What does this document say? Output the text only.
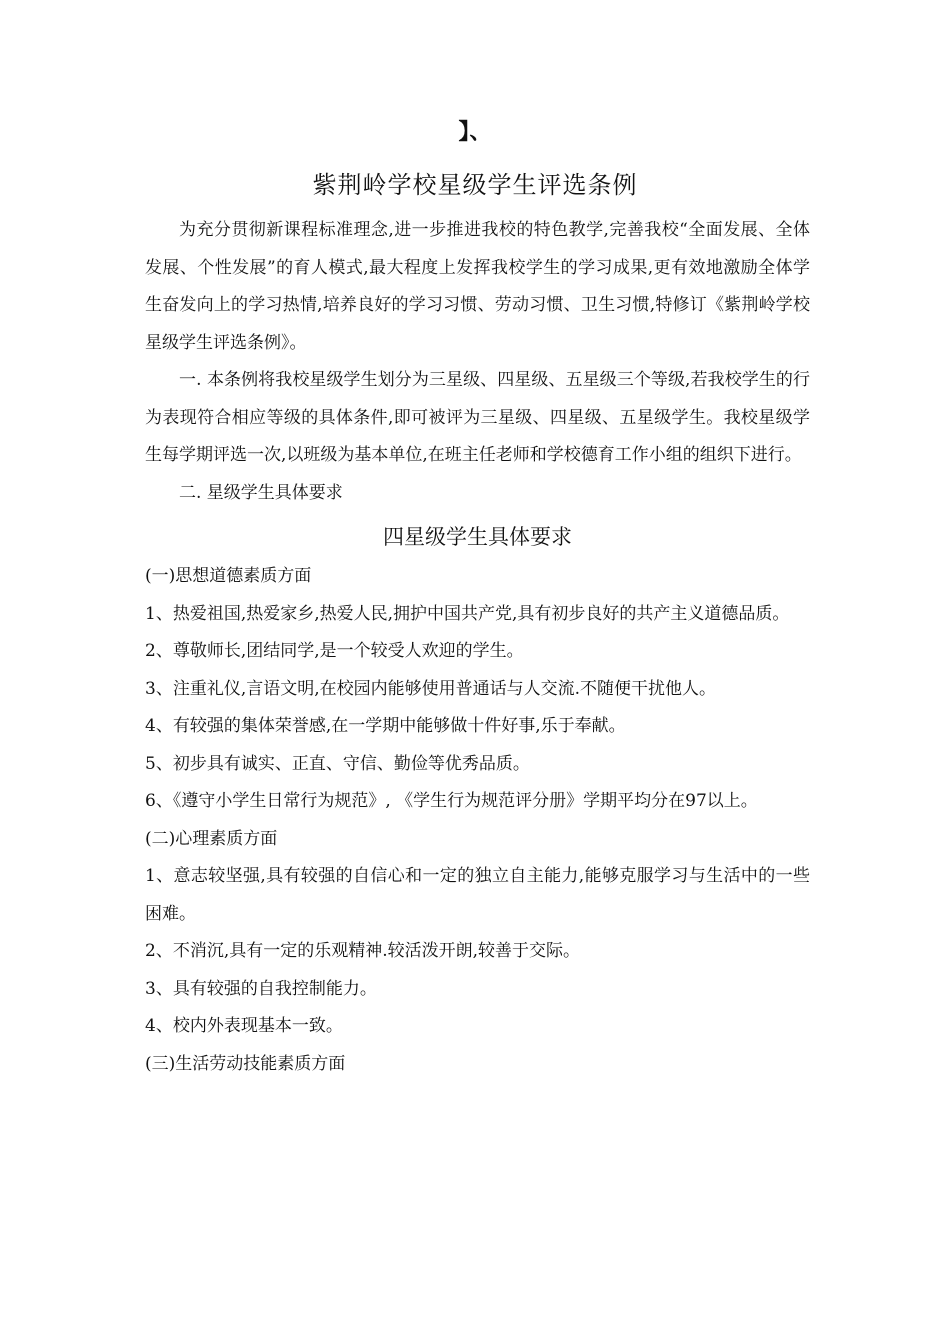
】、
紫荆岭学校星级学生评选条例

为充分贯彻新课程标准理念,进一步推进我校的特色教学,完善我校“全面发展、全体发展、个性发展”的育人模式,最大程度上发挥我校学生的学习成果,更有效地激励全体学生奋发向上的学习热情,培养良好的学习习惯、劳动习惯、卫生习惯,特修订《紫荆岭学校星级学生评选条例》。

一. 本条例将我校星级学生划分为三星级、四星级、五星级三个等级,若我校学生的行为表现符合相应等级的具体条件,即可被评为三星级、四星级、五星级学生。我校星级学生每学期评选一次,以班级为基本单位,在班主任老师和学校德育工作小组的组织下进行。

二. 星级学生具体要求

四星级学生具体要求

(一)思想道德素质方面

1、热爱祖国,热爱家乡,热爱人民,拥护中国共产党,具有初步良好的共产主义道德品质。

2、尊敬师长,团结同学,是一个较受人欢迎的学生。

3、注重礼仪,言语文明,在校园内能够使用普通话与人交流.不随便干扰他人。

4、有较强的集体荣誉感,在一学期中能够做十件好事,乐于奉献。

5、初步具有诚实、正直、守信、勤俭等优秀品质。

6、《遵守小学生日常行为规范》, 《学生行为规范评分册》学期平均分在97以上。

(二)心理素质方面

1、意志较坚强,具有较强的自信心和一定的独立自主能力,能够克服学习与生活中的一些困难。

2、不消沉,具有一定的乐观精神.较活泼开朗,较善于交际。

3、具有较强的自我控制能力。

4、校内外表现基本一致。

(三)生活劳动技能素质方面
